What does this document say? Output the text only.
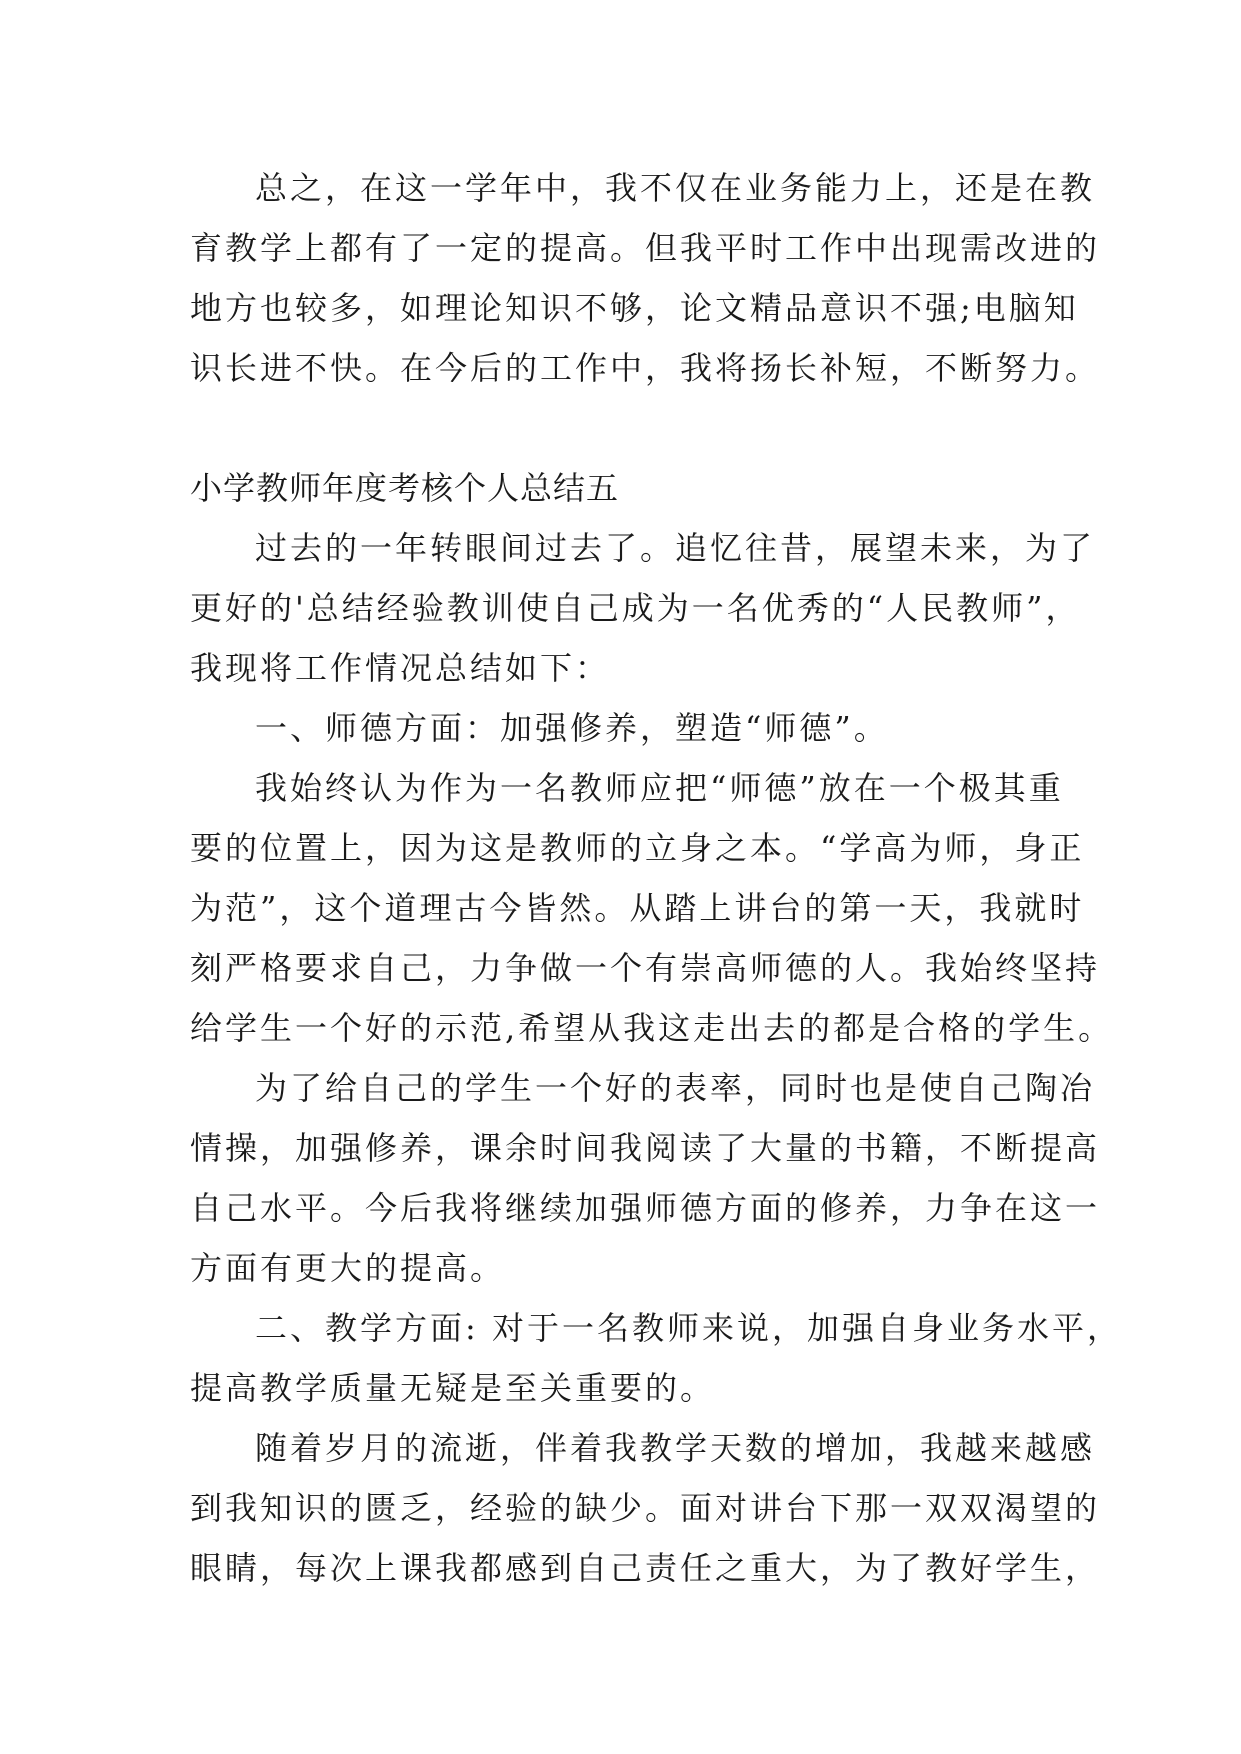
总之，在这一学年中，我不仅在业务能力上，还是在教
育教学上都有了一定的提高。但我平时工作中出现需改进的
地方也较多，如理论知识不够，论文精品意识不强;电脑知
识长进不快。在今后的工作中，我将扬长补短，不断努力。
小学教师年度考核个人总结五
过去的一年转眼间过去了。追忆往昔，展望未来，为了
更好的'总结经验教训使自己成为一名优秀的“人民教师”，
我现将工作情况总结如下：
一、师德方面：加强修养，塑造“师德”。
我始终认为作为一名教师应把“师德”放在一个极其重
要的位置上，因为这是教师的立身之本。“学高为师，身正
为范”，这个道理古今皆然。从踏上讲台的第一天，我就时
刻严格要求自己，力争做一个有崇高师德的人。我始终坚持
给学生一个好的示范,希望从我这走出去的都是合格的学生。
为了给自己的学生一个好的表率，同时也是使自己陶冶
情操，加强修养，课余时间我阅读了大量的书籍，不断提高
自己水平。今后我将继续加强师德方面的修养，力争在这一
方面有更大的提高。
二、教学方面: 对于一名教师来说，加强自身业务水平，
提高教学质量无疑是至关重要的。
随着岁月的流逝，伴着我教学天数的增加，我越来越感
到我知识的匮乏，经验的缺少。面对讲台下那一双双渴望的
眼睛，每次上课我都感到自己责任之重大，为了教好学生，
